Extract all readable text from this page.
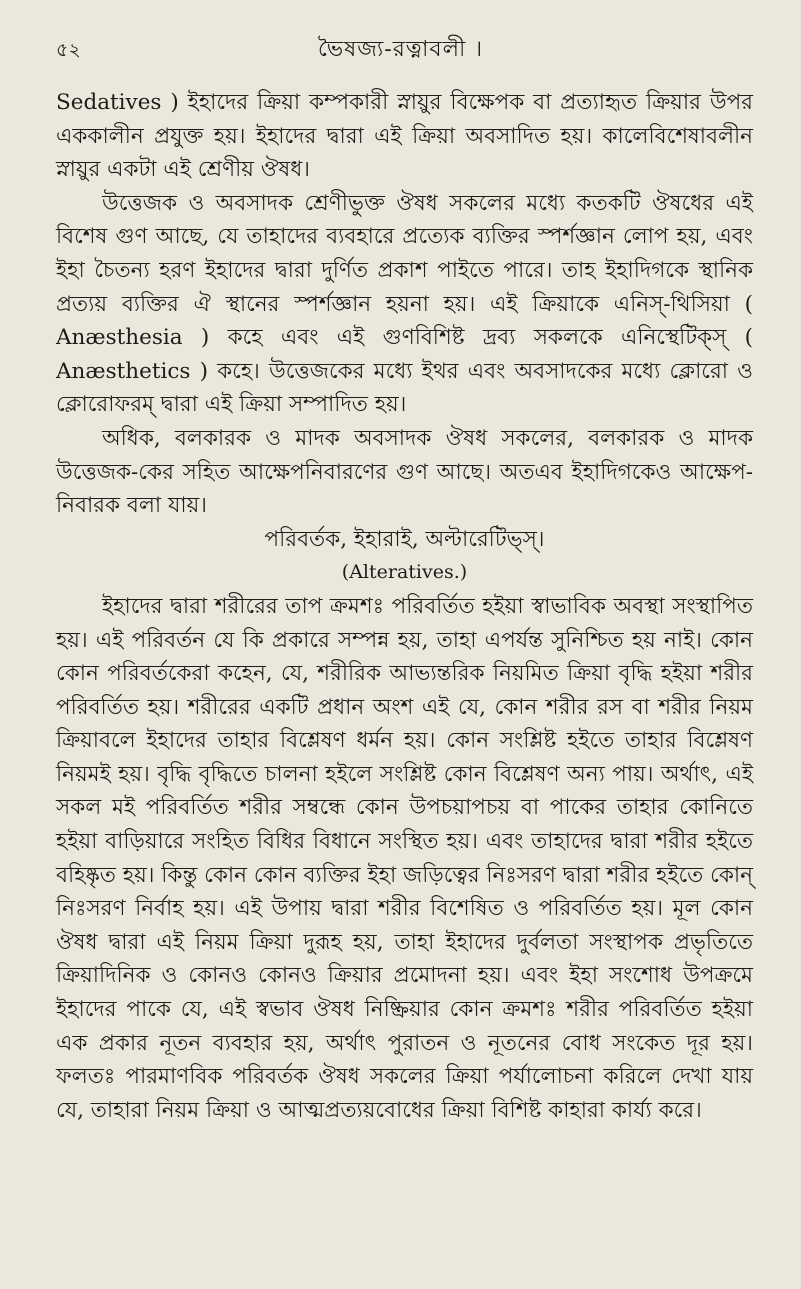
৫২	ভৈষজ্য-রত্নাবলী ।

Sedatives ) ইহাদের ক্রিয়া কম্পকারী স্নায়ুর বিক্ষেপক বা প্রত্যাহৃত ক্রিয়ার উপর এককালীন প্রযুক্ত হয়। ইহাদের দ্বারা এই ক্রিয়া অবসাদিত হয়। কালেবিশেষাবলীন স্নায়ুর একটা এই শ্রেণীয় ঔষধ।

উত্তেজক ও অবসাদক শ্রেণীভুক্ত ঔষধ সকলের মধ্যে কতকটি ঔষধের এই বিশেষ গুণ আছে, যে তাহাদের ব্যবহারে প্রত্যেক ব্যক্তির স্পর্শজ্ঞান লোপ হয়, এবং ইহা চৈতন্য হরণ ইহাদের দ্বারা দুর্ণিত প্রকাশ পাইতে পারে। তাহ ইহাদিগকে স্থানিক প্রত্যয় ব্যক্তির ঐ স্থানের স্পর্শজ্ঞান হয়না হয়। এই ক্রিয়াকে এনিস্-থিসিয়া ( Anæsthesia ) কহে এবং এই গুণবিশিষ্ট দ্রব্য সকলকে এনিস্থেটিক্স্ ( Anæsthetics ) কহে। উত্তেজকের মধ্যে ইথর এবং অবসাদকের মধ্যে ক্লোরো ও ক্লোরোফরম্ দ্বারা এই ক্রিয়া সম্পাদিত হয়।

অধিক, বলকারক ও মাদক অবসাদক ঔষধ সকলের, বলকারক ও মাদক উত্তেজক-কের সহিত আক্ষেপনিবারণের গুণ আছে। অতএব ইহাদিগকেও আক্ষেপ-নিবারক বলা যায়।

পরিবর্তক, ইহারাই, অল্টারেটিভ্স্।

(Alteratives.)

ইহাদের দ্বারা শরীরের তাপ ক্রমশঃ পরিবর্তিত হইয়া স্বাভাবিক অবস্থা সংস্থাপিত হয়। এই পরিবর্তন যে কি প্রকারে সম্পন্ন হয়, তাহা এপর্যন্ত সুনিশ্চিত হয় নাই। কোন কোন পরিবর্তকেরা কহেন, যে, শরীরিক আভ্যন্তরিক নিয়মিত ক্রিয়া বৃদ্ধি হইয়া শরীর পরিবর্তিত হয়। শরীরের একটি প্রধান অংশ এই যে, কোন শরীর রস বা শরীর নিয়ম ক্রিয়াবলে ইহাদের তাহার বিশ্লেষণ ধর্মন হয়। কোন সংশ্লিষ্ট হইতে তাহার বিশ্লেষণ নিয়মই হয়। বৃদ্ধি বৃদ্ধিতে চালনা হইলে সংশ্লিষ্ট কোন বিশ্লেষণ অন্য পায়। অর্থাৎ, এই সকল মই পরিবর্তিত শরীর সম্বন্ধে কোন উপচয়াপচয় বা পাকের তাহার কোনিতে হইয়া বাড়িয়ারে সংহিত বিধির বিধানে সংস্থিত হয়। এবং তাহাদের দ্বারা শরীর হইতে বহিষ্কৃত হয়। কিন্তু কোন কোন ব্যক্তির ইহা জড়িত্বের নিঃসরণ দ্বারা শরীর হইতে কোন্ নিঃসরণ নির্বাহ হয়। এই উপায় দ্বারা শরীর বিশেষিত ও পরিবর্তিত হয়। মূল কোন ঔষধ দ্বারা এই নিয়ম ক্রিয়া দুরূহ হয়, তাহা ইহাদের দুর্বলতা সংস্থাপক প্রভৃতিতে ক্রিয়াদিনিক ও কোনও কোনও ক্রিয়ার প্রমোদনা হয়। এবং ইহা সংশোধ উপক্রমে ইহাদের পাকে যে, এই স্বভাব ঔষধ নিষ্ক্রিয়ার কোন ক্রমশঃ শরীর পরিবর্তিত হইয়া এক প্রকার নূতন ব্যবহার হয়, অর্থাৎ পুরাতন ও নূতনের বোধ সংকেত দূর হয়। ফলতঃ পারমাণবিক পরিবর্তক ঔষধ সকলের ক্রিয়া পর্যালোচনা করিলে দেখা যায় যে, তাহারা নিয়ম ক্রিয়া ও আত্মপ্রত্যয়বোধের ক্রিয়া বিশিষ্ট কাহারা কার্য্য করে।
